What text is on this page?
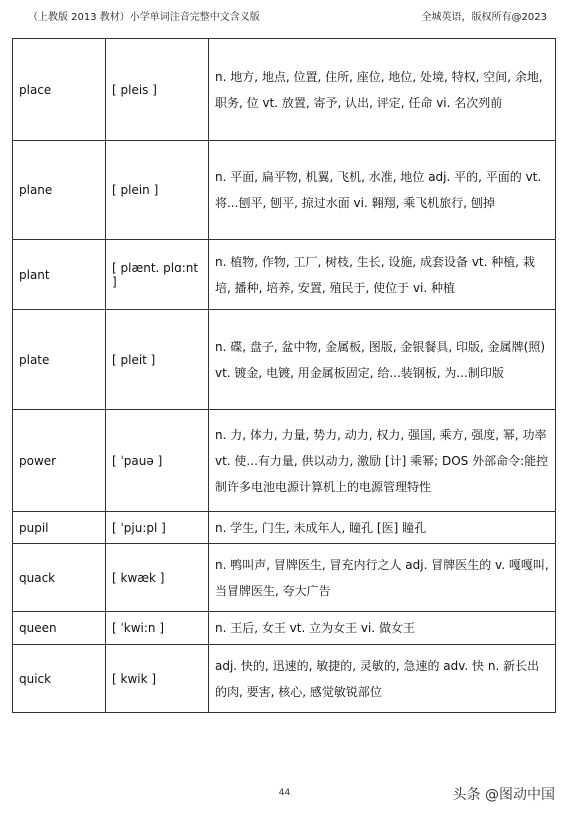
（上教版 2013 教材）小学单词注音完整中文含义版	全城英语，版权所有@2023
place	[ pleis ]	n. 地方, 地点, 位置, 住所, 座位, 地位, 处境, 特权, 空间, 余地, 职务, 位 vt. 放置, 寄予, 认出, 评定, 任命 vi. 名次列前
plane	[ plein ]	n. 平面, 扁平物, 机翼, 飞机, 水准, 地位 adj. 平的, 平面的 vt. 将...刨平, 刨平, 掠过水面 vi. 翱翔, 乘飞机旅行, 刨掉
plant	[ plænt. plɑ:nt ]	n. 植物, 作物, 工厂, 树枝, 生长, 设施, 成套设备 vt. 种植, 栽培, 播种, 培养, 安置, 殖民于, 使位于 vi. 种植
plate	[ pleit ]	n. 碟, 盘子, 盆中物, 金属板, 图版, 金银餐具, 印版, 金属牌(照) vt. 镀金, 电镀, 用金属板固定, 给...装钢板, 为...制印版
power	[ ˈpauə ]	n. 力, 体力, 力量, 势力, 动力, 权力, 强国, 乘方, 强度, 幂, 功率 vt. 使...有力量, 供以动力, 激励 [计] 乘幂; DOS 外部命令:能控制许多电池电源计算机上的电源管理特性
pupil	[ ˈpju:pl ]	n. 学生, 门生, 未成年人, 瞳孔 [医] 瞳孔
quack	[ kwæk ]	n. 鸭叫声, 冒牌医生, 冒充内行之人 adj. 冒牌医生的 v. 嘎嘎叫, 当冒牌医生, 夸大广告
queen	[ ˈkwi:n ]	n. 王后, 女王 vt. 立为女王 vi. 做女王
quick	[ kwik ]	adj. 快的, 迅速的, 敏捷的, 灵敏的, 急速的 adv. 快 n. 新长出的肉, 要害, 核心, 感觉敏锐部位
44	头条 @图动中国
